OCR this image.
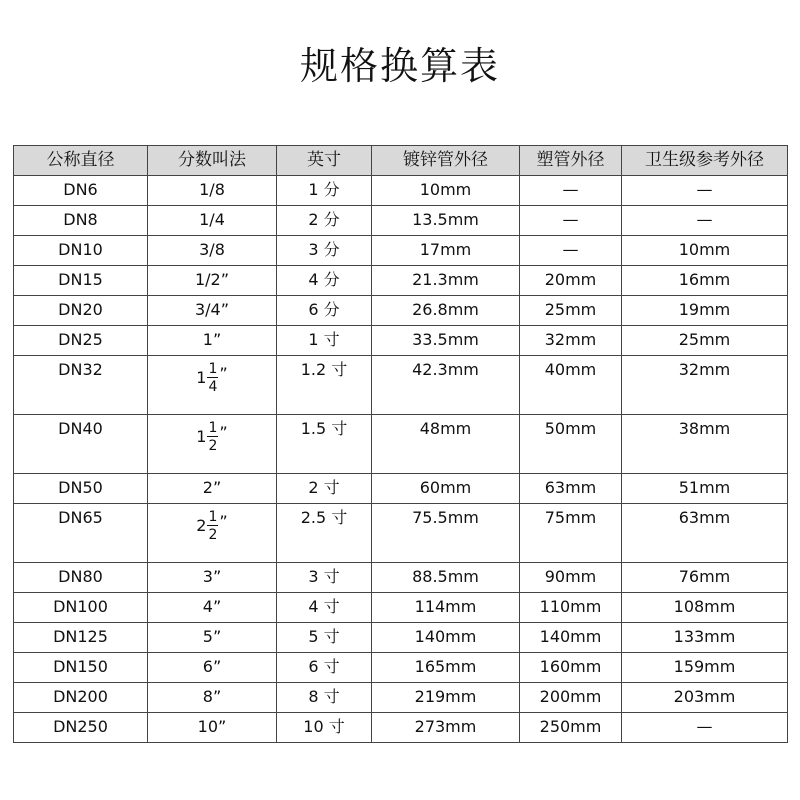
规格换算表
公称直径	分数叫法	英寸	镀锌管外径	塑管外径	卫生级参考外径
DN6	1/8	1 分	10mm	—	—
DN8	1/4	2 分	13.5mm	—	—
DN10	3/8	3 分	17mm	—	10mm
DN15	1/2”	4 分	21.3mm	20mm	16mm
DN20	3/4”	6 分	26.8mm	25mm	19mm
DN25	1”	1 寸	33.5mm	32mm	25mm
DN32	$1 \frac{1}{4}$ ”	1.2 寸	42.3mm	40mm	32mm
DN40	$1 \frac{1}{2}$ ”	1.5 寸	48mm	50mm	38mm
DN50	2”	2 寸	60mm	63mm	51mm
DN65	$2 \frac{1}{2}$ ”	2.5 寸	75.5mm	75mm	63mm
DN80	3”	3 寸	88.5mm	90mm	76mm
DN100	4”	4 寸	114mm	110mm	108mm
DN125	5”	5 寸	140mm	140mm	133mm
DN150	6”	6 寸	165mm	160mm	159mm
DN200	8”	8 寸	219mm	200mm	203mm
DN250	10”	10 寸	273mm	250mm	—
